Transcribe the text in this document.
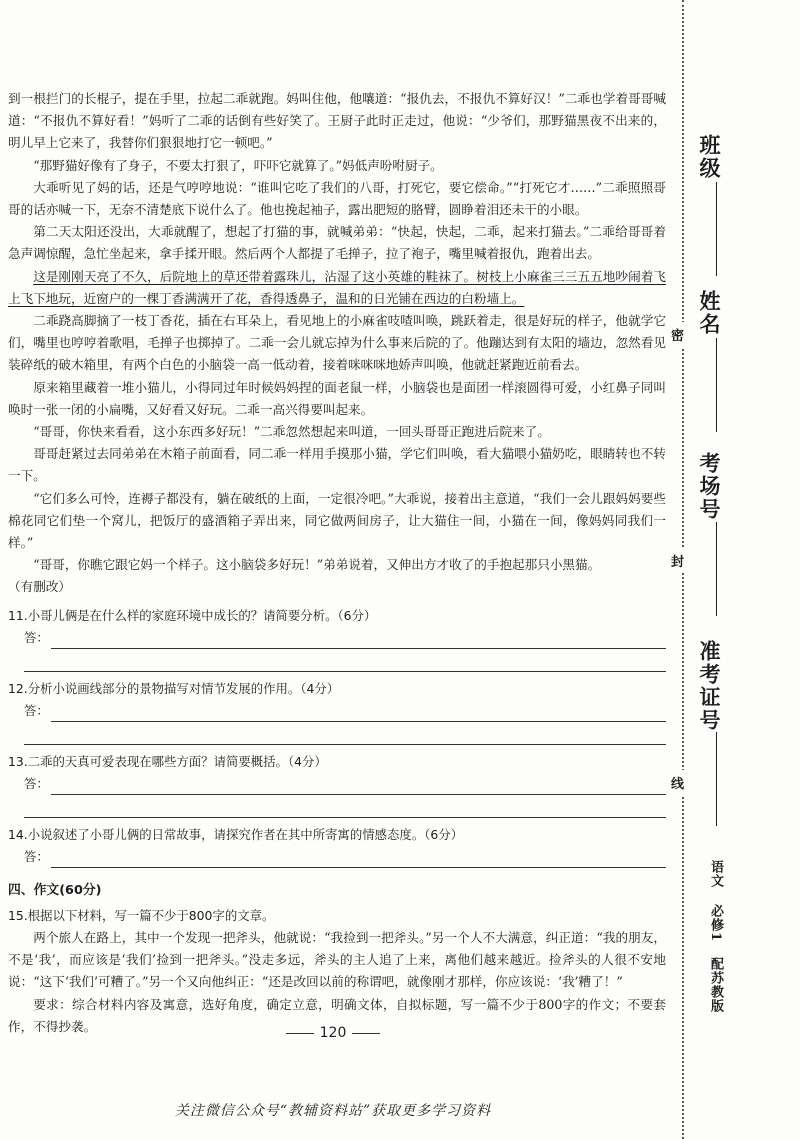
到一根拦门的长棍子，提在手里，拉起二乖就跑。妈叫住他，他嚷道：“报仇去，不报仇不算好汉！”二乖也学着哥哥喊道：“不报仇不算好看！”妈听了二乖的话倒有些好笑了。王厨子此时正走过，他说：“少爷们，那野猫黑夜不出来的，明儿早上它来了，我替你们狠狠地打它一顿吧。”

“那野猫好像有了身子，不要太打狠了，吓吓它就算了。”妈低声吩咐厨子。

大乖听见了妈的话，还是气哼哼地说：“谁叫它吃了我们的八哥，打死它，要它偿命。”“打死它才……”二乖照照哥哥的话亦喊一下，无奈不清楚底下说什么了。他也挽起袖子，露出肥短的胳臂，圆睁着泪还未干的小眼。

第二天太阳还没出，大乖就醒了，想起了打猫的事，就喊弟弟：“快起，快起，二乖，起来打猫去。”二乖给哥哥着急声调惊醒，急忙坐起来，拿手揉开眼。然后两个人都提了毛掸子，拉了袍子，嘴里喊着报仇，跑着出去。

这是刚刚天亮了不久，后院地上的草还带着露珠儿，沾湿了这小英雄的鞋袜了。树枝上小麻雀三三五五地吵闹着飞上飞下地玩，近窗户的一棵丁香满满开了花，香得透鼻子，温和的日光铺在西边的白粉墙上。

二乖跷高脚摘了一枝丁香花，插在右耳朵上，看见地上的小麻雀吱喳叫唤，跳跃着走，很是好玩的样子，他就学它们，嘴里也哼哼着歌唱，毛掸子也掷掉了。二乖一会儿就忘掉为什么事来后院的了。他蹦达到有太阳的墙边，忽然看见装碎纸的破木箱里，有两个白色的小脑袋一高一低动着，接着咪咪咪地娇声叫唤，他就赶紧跑近前看去。

原来箱里藏着一堆小猫儿，小得同过年时候妈妈捏的面老鼠一样，小脑袋也是面团一样滚圆得可爱，小红鼻子同叫唤时一张一闭的小扁嘴，又好看又好玩。二乖一高兴得要叫起来。

“哥哥，你快来看看，这小东西多好玩！”二乖忽然想起来叫道，一回头哥哥正跑进后院来了。

哥哥赶紧过去同弟弟在木箱子前面看，同二乖一样用手摸那小猫，学它们叫唤，看大猫喂小猫奶吃，眼睛转也不转一下。

“它们多么可怜，连褥子都没有，躺在破纸的上面，一定很冷吧。”大乖说，接着出主意道，“我们一会儿跟妈妈要些棉花同它们垫一个窝儿，把饭厅的盛酒箱子弄出来，同它做两间房子，让大猫住一间，小猫在一间，像妈妈同我们一样。”

“哥哥，你瞧它跟它妈一个样子。这小脑袋多好玩！”弟弟说着，又伸出方才收了的手抱起那只小黑猫。

（有删改）

11.小哥儿俩是在什么样的家庭环境中成长的？请简要分析。（6分）
答：
12.分析小说画线部分的景物描写对情节发展的作用。（4分）
答：
13.二乖的天真可爱表现在哪些方面？请简要概括。（4分）
答：
14.小说叙述了小哥儿俩的日常故事，请探究作者在其中所寄寓的情感态度。（6分）
答：
四、作文(60分)

15.根据以下材料，写一篇不少于800字的文章。

两个旅人在路上，其中一个发现一把斧头，他就说：“我捡到一把斧头。”另一个人不大满意，纠正道：“我的朋友，不是‘我’，而应该是‘我们’捡到一把斧头。”没走多远，斧头的主人追了上来，离他们越来越近。捡斧头的人很不安地说：“这下‘我们’可糟了。”另一个又向他纠正：“还是改回以前的称谓吧，就像刚才那样，你应该说：‘我’糟了！”

要求：综合材料内容及寓意，选好角度，确定立意，明确文体，自拟标题，写一篇不少于800字的作文；不要套作，不得抄袭。	120
关注微信公众号“教辅资料站”获取更多学习资料
班级
姓名
考场号
准考证号
密
封
线
语文 必修1 配苏教版
